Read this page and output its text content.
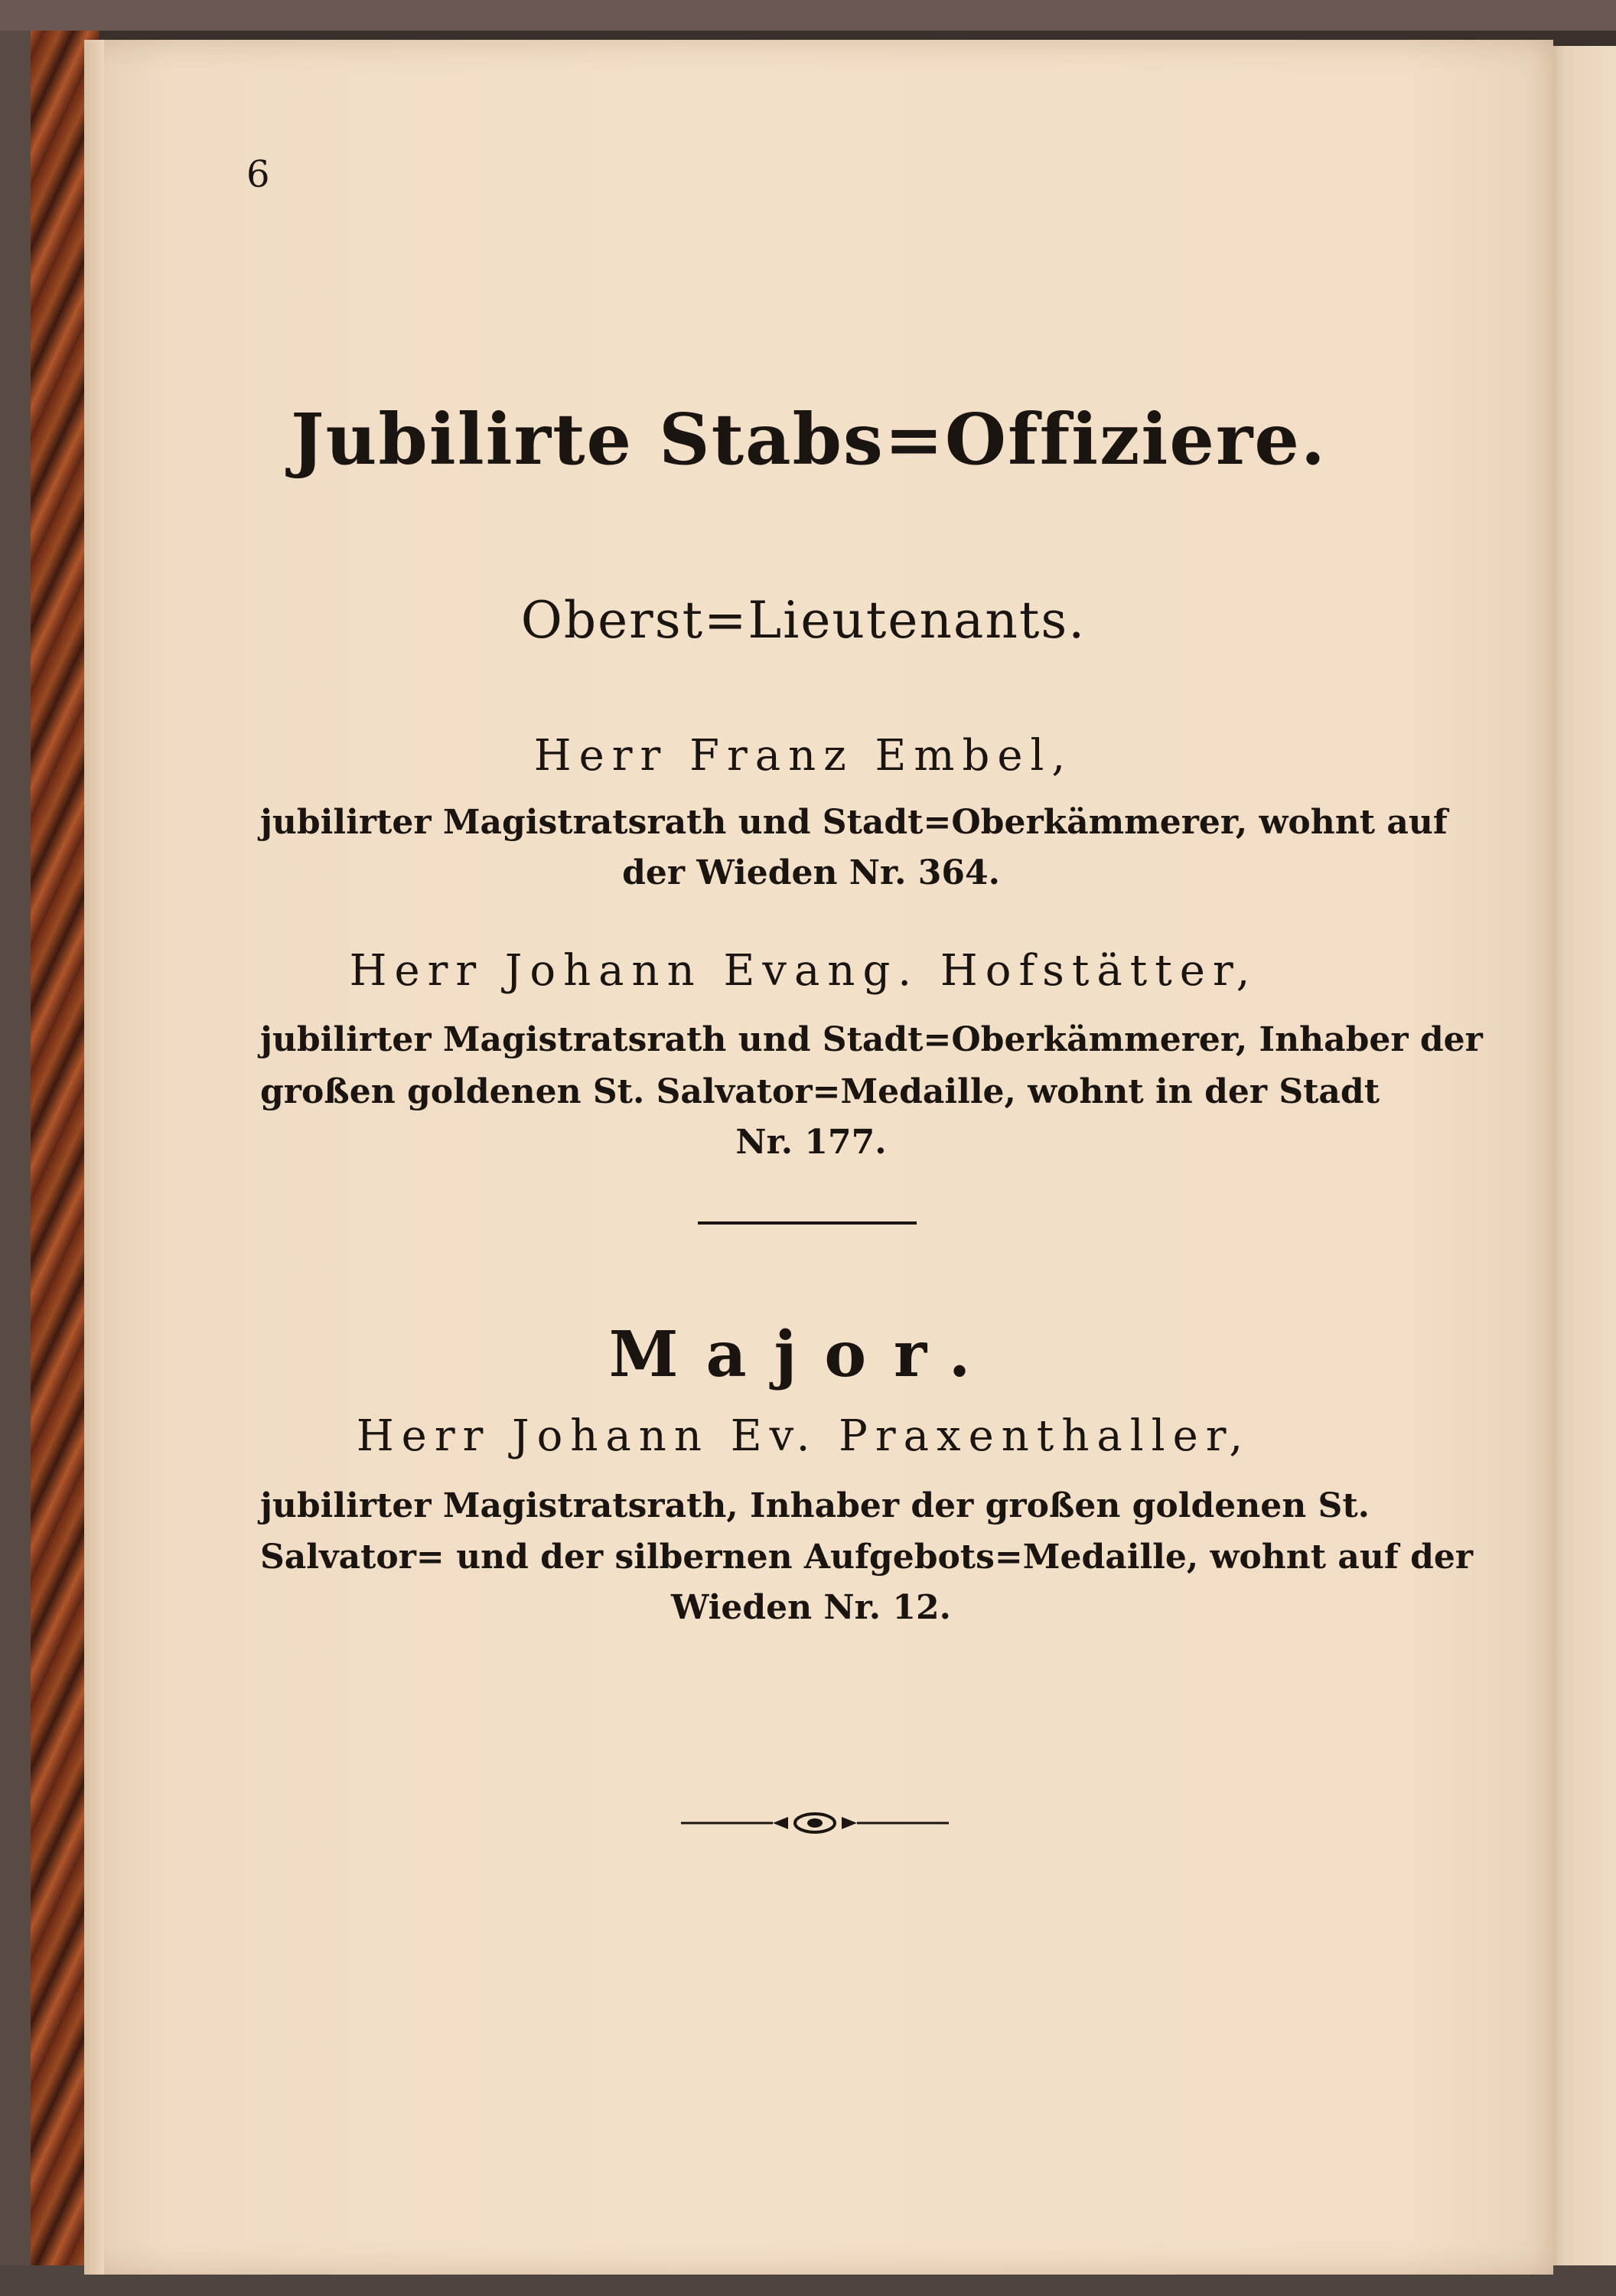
6
Jubilirte Stabs=Offiziere.
Oberst=Lieutenants.
Herr Franz Embel,
jubilirter Magistratsrath und Stadt=Oberkämmerer, wohnt auf
der Wieden Nr. 364.
Herr Johann Evang. Hofstätter,
jubilirter Magistratsrath und Stadt=Oberkämmerer, Inhaber der
großen goldenen St. Salvator=Medaille, wohnt in der Stadt
Nr. 177.
Major.
Herr Johann Ev. Praxenthaller,
jubilirter Magistratsrath, Inhaber der großen goldenen St.
Salvator= und der silbernen Aufgebots=Medaille, wohnt auf der
Wieden Nr. 12.
